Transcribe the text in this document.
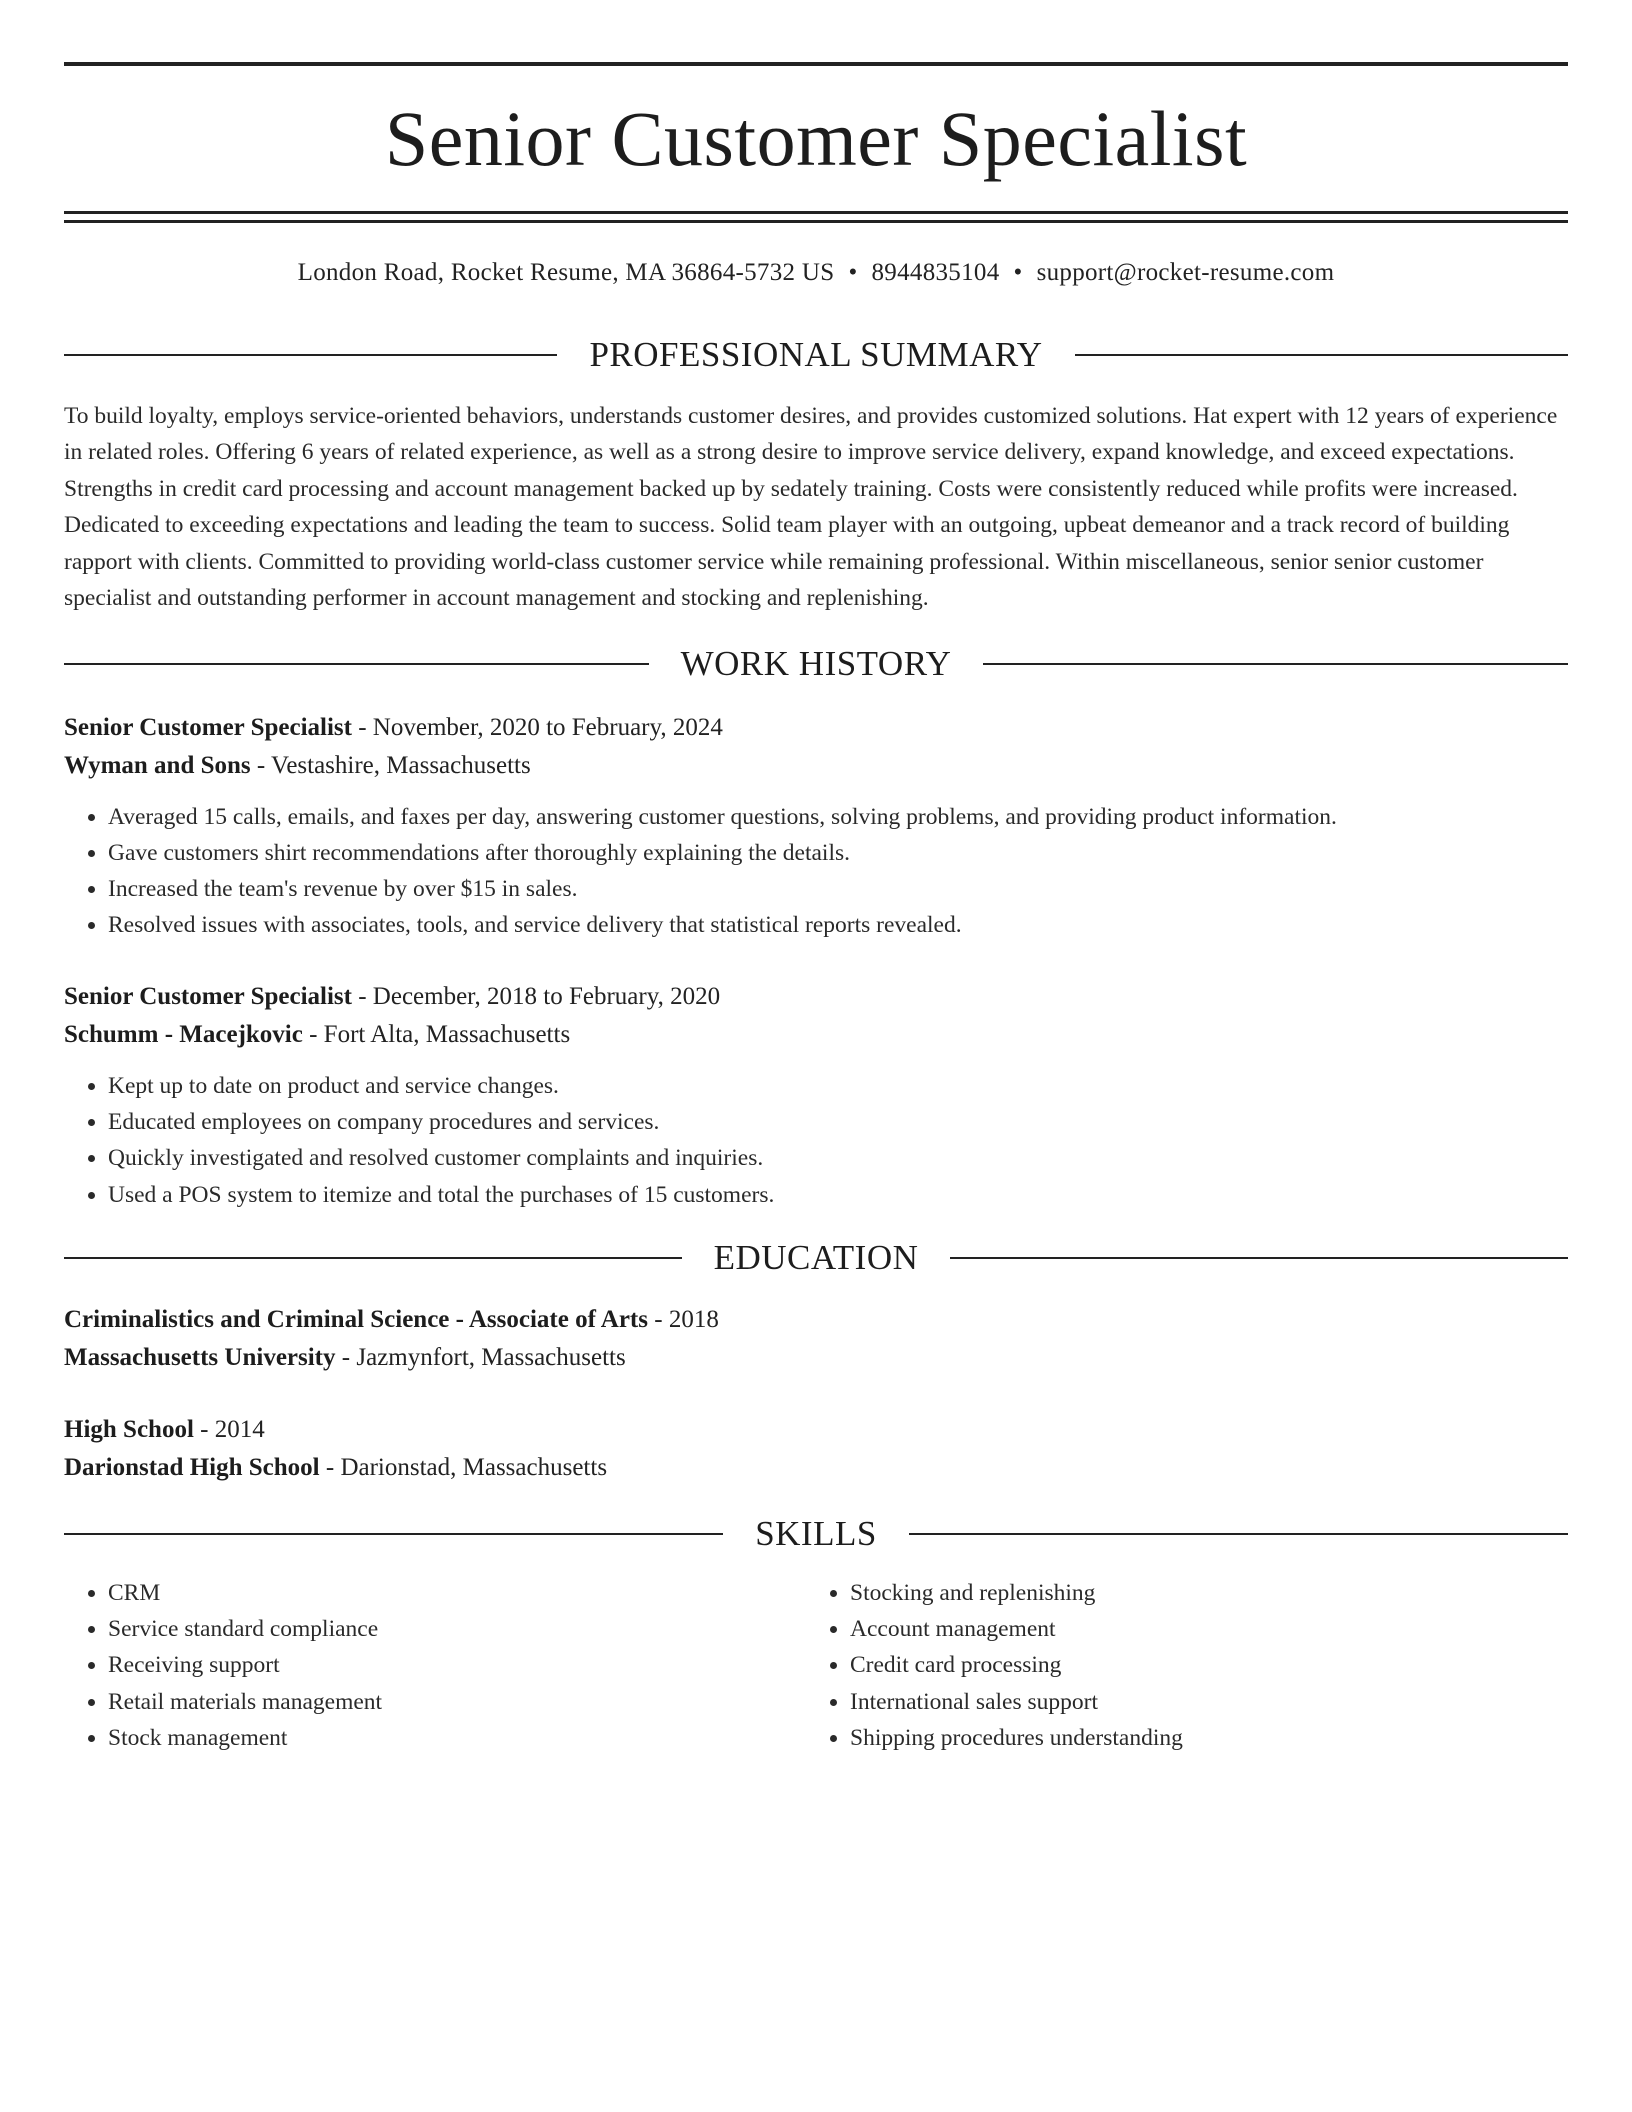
Senior Customer Specialist
London Road, Rocket Resume, MA 36864-5732 US • 8944835104 • support@rocket-resume.com
PROFESSIONAL SUMMARY
To build loyalty, employs service-oriented behaviors, understands customer desires, and provides customized solutions. Hat expert with 12 years of experience in related roles. Offering 6 years of related experience, as well as a strong desire to improve service delivery, expand knowledge, and exceed expectations. Strengths in credit card processing and account management backed up by sedately training. Costs were consistently reduced while profits were increased. Dedicated to exceeding expectations and leading the team to success. Solid team player with an outgoing, upbeat demeanor and a track record of building rapport with clients. Committed to providing world-class customer service while remaining professional. Within miscellaneous, senior senior customer specialist and outstanding performer in account management and stocking and replenishing.
WORK HISTORY
Senior Customer Specialist - November, 2020 to February, 2024
Wyman and Sons - Vestashire, Massachusetts
• Averaged 15 calls, emails, and faxes per day, answering customer questions, solving problems, and providing product information.
• Gave customers shirt recommendations after thoroughly explaining the details.
• Increased the team's revenue by over $15 in sales.
• Resolved issues with associates, tools, and service delivery that statistical reports revealed.
Senior Customer Specialist - December, 2018 to February, 2020
Schumm - Macejkovic - Fort Alta, Massachusetts
• Kept up to date on product and service changes.
• Educated employees on company procedures and services.
• Quickly investigated and resolved customer complaints and inquiries.
• Used a POS system to itemize and total the purchases of 15 customers.
EDUCATION
Criminalistics and Criminal Science - Associate of Arts - 2018
Massachusetts University - Jazmynfort, Massachusetts
High School - 2014
Darionstad High School - Darionstad, Massachusetts
SKILLS
• CRM
• Service standard compliance
• Receiving support
• Retail materials management
• Stock management
• Stocking and replenishing
• Account management
• Credit card processing
• International sales support
• Shipping procedures understanding
